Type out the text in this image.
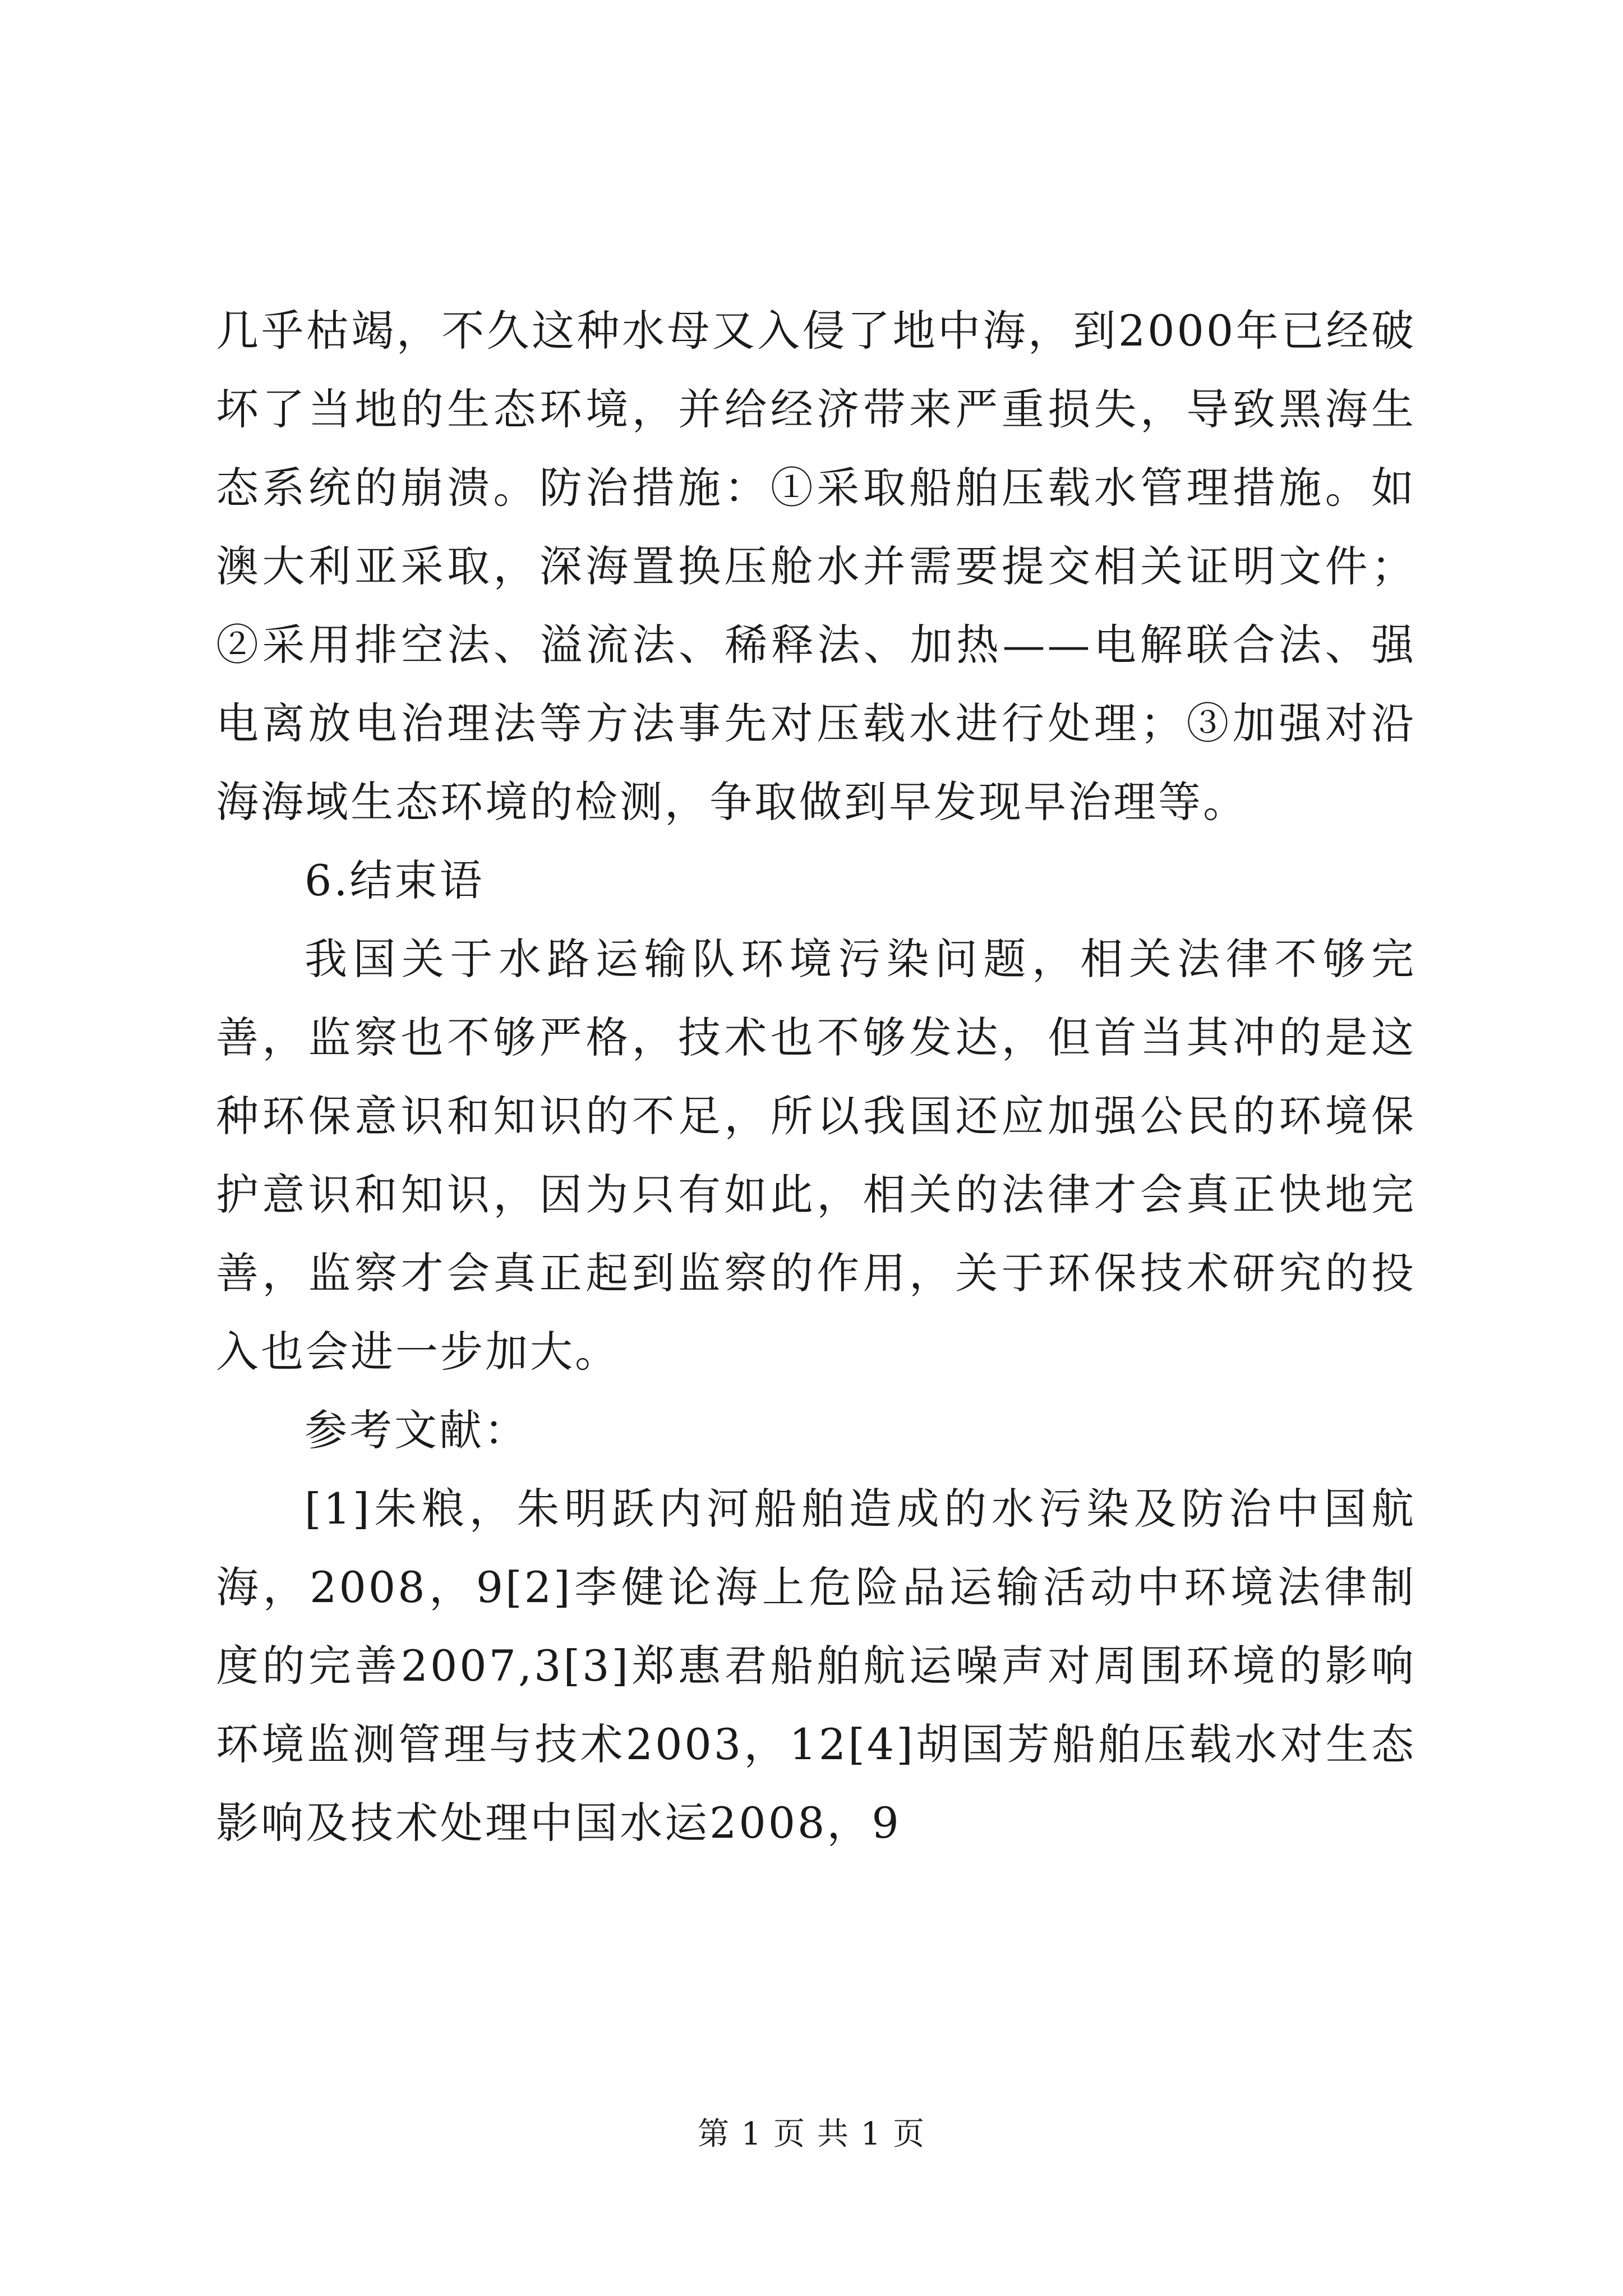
几乎枯竭，不久这种水母又入侵了地中海，到2000年已经破坏了当地的生态环境，并给经济带来严重损失，导致黑海生态系统的崩溃。防治措施：①采取船舶压载水管理措施。如澳大利亚采取，深海置换压舱水并需要提交相关证明文件；②采用排空法、溢流法、稀释法、加热——电解联合法、强电离放电治理法等方法事先对压载水进行处理；③加强对沿海海域生态环境的检测，争取做到早发现早治理等。

6.结束语

我国关于水路运输队环境污染问题，相关法律不够完善，监察也不够严格，技术也不够发达，但首当其冲的是这种环保意识和知识的不足，所以我国还应加强公民的环境保护意识和知识，因为只有如此，相关的法律才会真正快地完善，监察才会真正起到监察的作用，关于环保技术研究的投入也会进一步加大。

参考文献：

[1]朱粮，朱明跃内河船舶造成的水污染及防治中国航海，2008，9[2]李健论海上危险品运输活动中环境法律制度的完善2007,3[3]郑惠君船舶航运噪声对周围环境的影响环境监测管理与技术2003，12[4]胡国芳船舶压载水对生态影响及技术处理中国水运2008，9

第 1 页 共 1 页
